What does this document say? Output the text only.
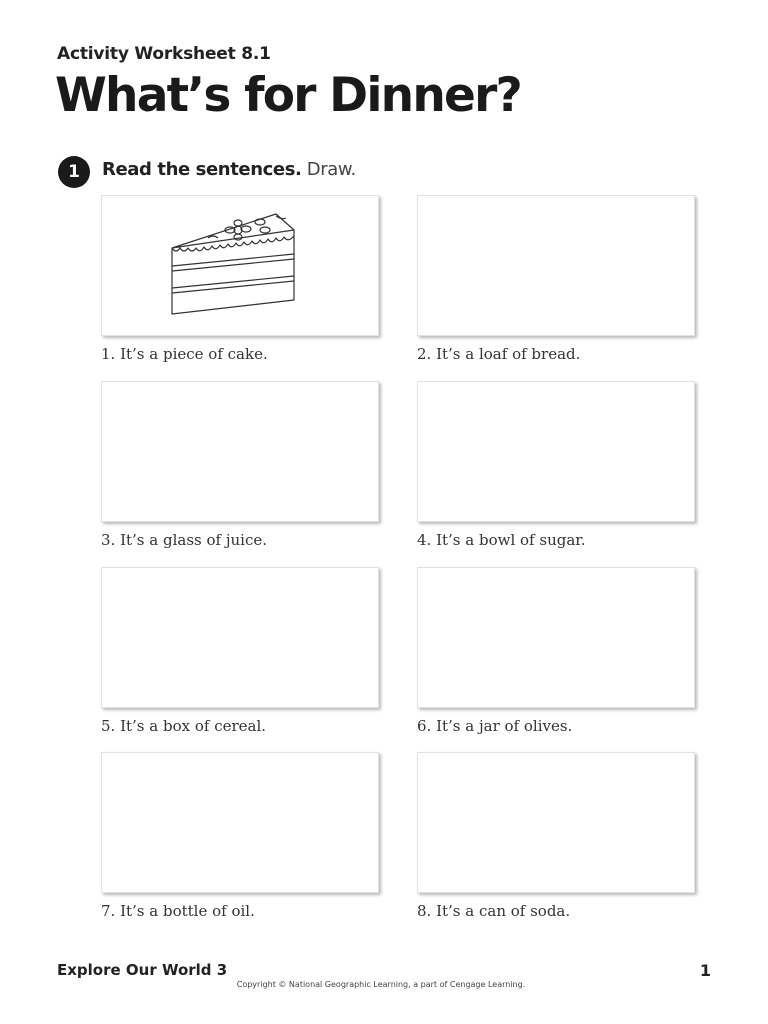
Activity Worksheet 8.1
What’s for Dinner?
1	Read the sentences. Draw.
1. It’s a piece of cake.	2. It’s a loaf of bread.
3. It’s a glass of juice.	4. It’s a bowl of sugar.
5. It’s a box of cereal.	6. It’s a jar of olives.
7. It’s a bottle of oil.	8. It’s a can of soda.
Explore Our World 3	1
Copyright © National Geographic Learning, a part of Cengage Learning.
